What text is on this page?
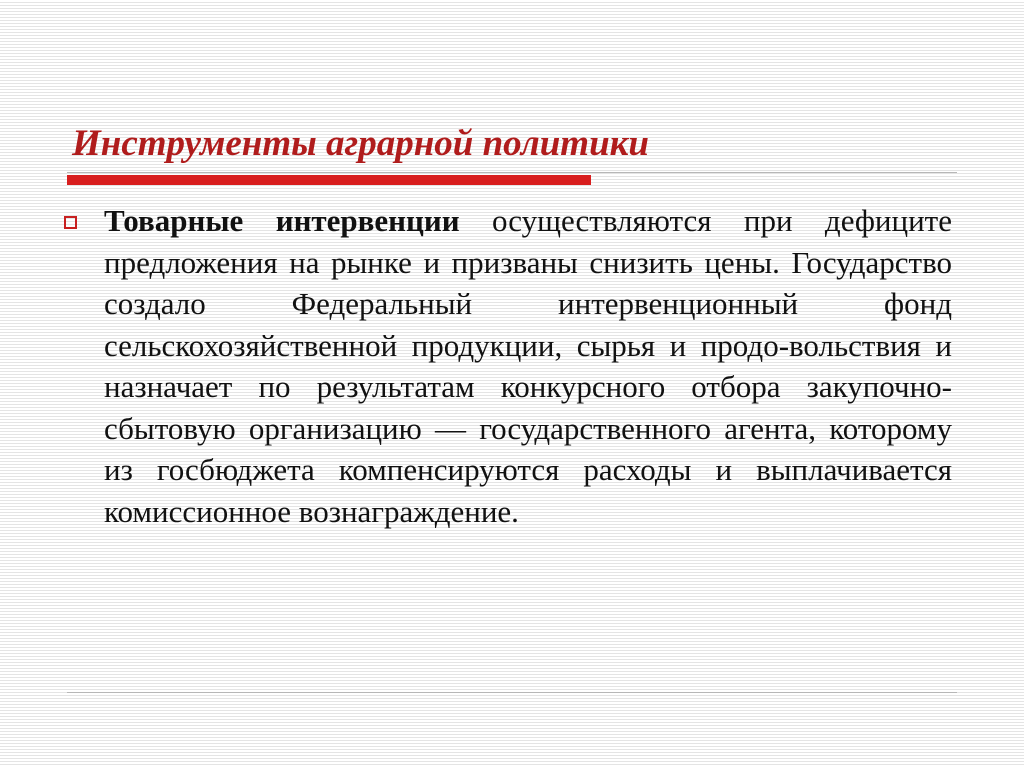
Инструменты аграрной политики

Товарные интервенции осуществляются при дефиците предложения на рынке и призваны снизить цены. Государство создало Федеральный интервенционный фонд сельскохозяйственной продукции, сырья и продо-вольствия и назначает по результатам конкурсного отбора закупочно-сбытовую организацию — государственного агента, которому из госбюджета компенсируются расходы и выплачивается комиссионное вознаграждение.
